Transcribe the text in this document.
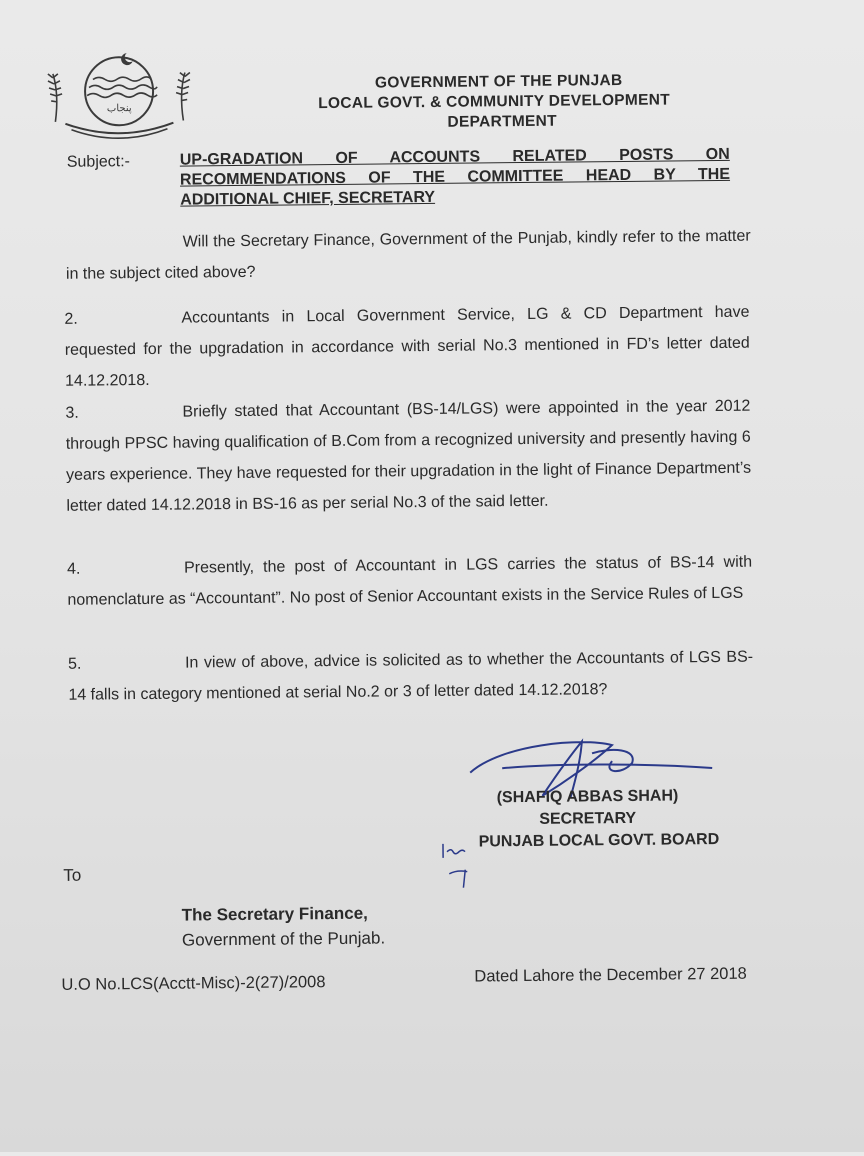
پنجاب
GOVERNMENT OF THE PUNJAB
LOCAL GOVT. & COMMUNITY DEVELOPMENT
DEPARTMENT
Subject:-	UP-GRADATION OF ACCOUNTS RELATED POSTS ON
RECOMMENDATIONS OF THE COMMITTEE HEAD BY THE
ADDITIONAL CHIEF, SECRETARY
Will the Secretary Finance, Government of the Punjab, kindly refer to the matter in the subject cited above?
2.	Accountants in Local Government Service, LG & CD Department have requested for the upgradation in accordance with serial No.3 mentioned in FD’s letter dated 14.12.2018.
3.	Briefly stated that Accountant (BS-14/LGS) were appointed in the year 2012 through PPSC having qualification of B.Com from a recognized university and presently having 6 years experience. They have requested for their upgradation in the light of Finance Department’s letter dated 14.12.2018 in BS-16 as per serial No.3 of the said letter.
4.	Presently, the post of Accountant in LGS carries the status of BS-14 with nomenclature as “Accountant”. No post of Senior Accountant exists in the Service Rules of LGS
5.	In view of above, advice is solicited as to whether the Accountants of LGS BS-14 falls in category mentioned at serial No.2 or 3 of letter dated 14.12.2018?
(SHAFIQ ABBAS SHAH)
SECRETARY
PUNJAB LOCAL GOVT. BOARD
To
The Secretary Finance,
Government of the Punjab.
U.O No.LCS(Acctt-Misc)-2(27)/2008	Dated Lahore the December 27 2018
